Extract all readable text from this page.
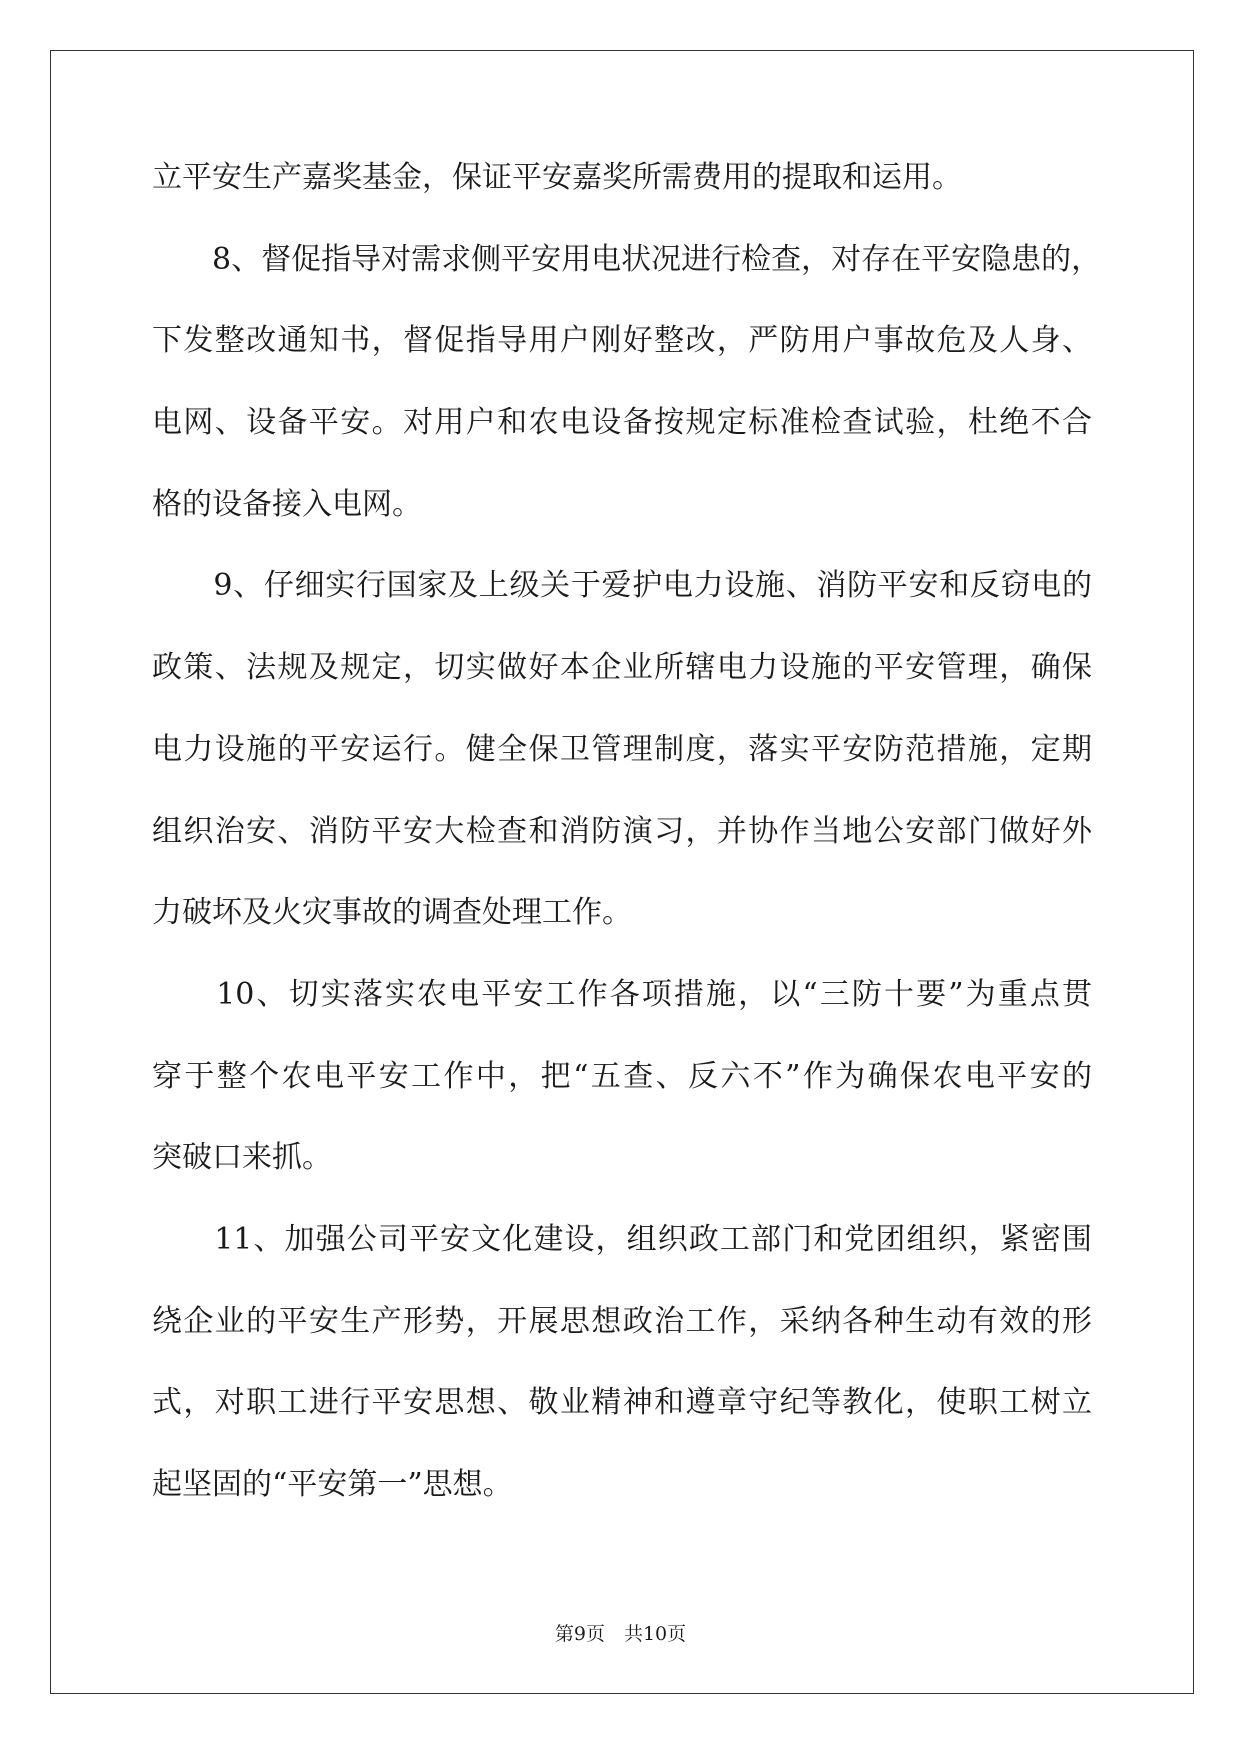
立平安生产嘉奖基金，保证平安嘉奖所需费用的提取和运用。
　　8、督促指导对需求侧平安用电状况进行检查，对存在平安隐患的，
下发整改通知书，督促指导用户刚好整改，严防用户事故危及人身、
电网、设备平安。对用户和农电设备按规定标准检查试验，杜绝不合
格的设备接入电网。
　　9、仔细实行国家及上级关于爱护电力设施、消防平安和反窃电的
政策、法规及规定，切实做好本企业所辖电力设施的平安管理，确保
电力设施的平安运行。健全保卫管理制度，落实平安防范措施，定期
组织治安、消防平安大检查和消防演习，并协作当地公安部门做好外
力破坏及火灾事故的调查处理工作。
　　10、切实落实农电平安工作各项措施，以“三防十要”为重点贯
穿于整个农电平安工作中，把“五查、反六不”作为确保农电平安的
突破口来抓。
　　11、加强公司平安文化建设，组织政工部门和党团组织，紧密围
绕企业的平安生产形势，开展思想政治工作，采纳各种生动有效的形
式，对职工进行平安思想、敬业精神和遵章守纪等教化，使职工树立
起坚固的“平安第一”思想。
第9页　共10页
